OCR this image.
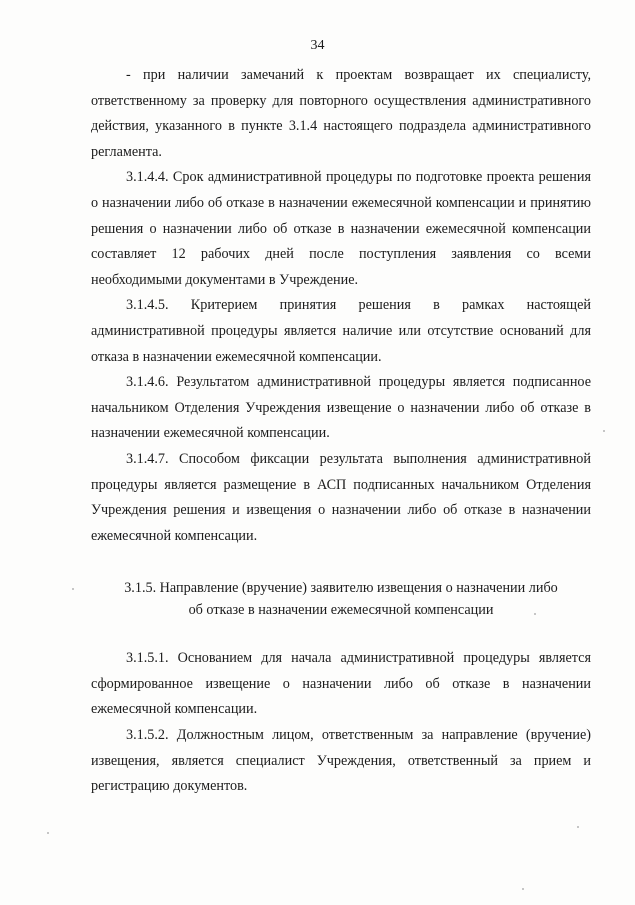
34

- при наличии замечаний к проектам возвращает их специалисту, ответственному за проверку для повторного осуществления административного действия, указанного в пункте 3.1.4 настоящего подраздела административного регламента.

3.1.4.4. Срок административной процедуры по подготовке проекта решения о назначении либо об отказе в назначении ежемесячной компенсации и принятию решения о назначении либо об отказе в назначении ежемесячной компенсации составляет 12 рабочих дней после поступления заявления со всеми необходимыми документами в Учреждение.

3.1.4.5. Критерием принятия решения в рамках настоящей административной процедуры является наличие или отсутствие оснований для отказа в назначении ежемесячной компенсации.

3.1.4.6. Результатом административной процедуры является подписанное начальником Отделения Учреждения извещение о назначении либо об отказе в назначении ежемесячной компенсации.

3.1.4.7. Способом фиксации результата выполнения административной процедуры является размещение в АСП подписанных начальником Отделения Учреждения решения и извещения о назначении либо об отказе в назначении ежемесячной компенсации.

3.1.5. Направление (вручение) заявителю извещения о назначении либо
об отказе в назначении ежемесячной компенсации

3.1.5.1. Основанием для начала административной процедуры является сформированное извещение о назначении либо об отказе в назначении ежемесячной компенсации.

3.1.5.2. Должностным лицом, ответственным за направление (вручение) извещения, является специалист Учреждения, ответственный за прием и регистрацию документов.
